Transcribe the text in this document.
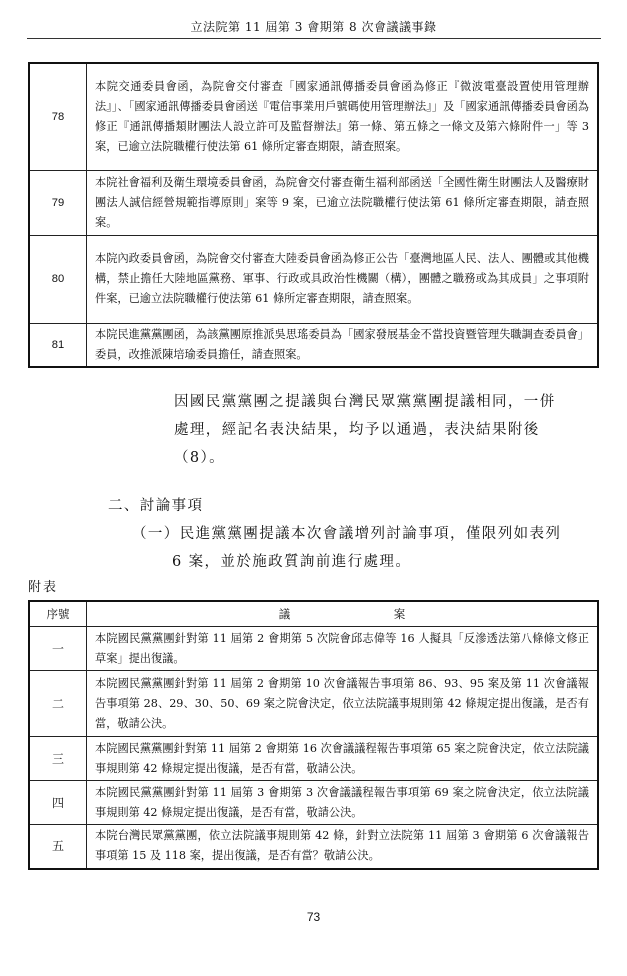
立法院第 11 屆第 3 會期第 8 次會議議事錄
78	本院交通委員會函，為院會交付審查「國家通訊傳播委員會函為修正『微波電臺設置使用管理辦法』」、「國家通訊傳播委員會函送『電信事業用戶號碼使用管理辦法』」及「國家通訊傳播委員會函為修正『通訊傳播類財團法人設立許可及監督辦法』第一條、第五條之一條文及第六條附件一」等 3 案，已逾立法院職權行使法第 61 條所定審查期限，請查照案。
79	本院社會福利及衛生環境委員會函，為院會交付審查衛生福利部函送「全國性衛生財團法人及醫療財團法人誠信經營規範指導原則」案等 9 案，已逾立法院職權行使法第 61 條所定審查期限，請查照案。
80	本院內政委員會函，為院會交付審查大陸委員會函為修正公告「臺灣地區人民、法人、團體或其他機構，禁止擔任大陸地區黨務、軍事、行政或具政治性機關（構），團體之職務或為其成員」之事項附件案，已逾立法院職權行使法第 61 條所定審查期限，請查照案。
81	本院民進黨黨團函，為該黨團原推派吳思瑤委員為「國家發展基金不當投資暨管理失職調查委員會」委員，改推派陳培瑜委員擔任，請查照案。
因國民黨黨團之提議與台灣民眾黨黨團提議相同，一併
處理，經記名表決結果，均予以通過，表決結果附後
（8）。
二、討論事項
（一）民進黨黨團提議本次會議增列討論事項，僅限列如表列
6 案，並於施政質詢前進行處理。
附表
序號	議　　　　　　　　　案
一	本院國民黨黨團針對第 11 屆第 2 會期第 5 次院會邱志偉等 16 人擬具「反滲透法第八條條文修正草案」提出復議。
二	本院國民黨黨團針對第 11 屆第 2 會期第 10 次會議報告事項第 86、93、95 案及第 11 次會議報告事項第 28、29、30、50、69 案之院會決定，依立法院議事規則第 42 條規定提出復議，是否有當，敬請公決。
三	本院國民黨黨團針對第 11 屆第 2 會期第 16 次會議議程報告事項第 65 案之院會決定，依立法院議事規則第 42 條規定提出復議，是否有當，敬請公決。
四	本院國民黨黨團針對第 11 屆第 3 會期第 3 次會議議程報告事項第 69 案之院會決定，依立法院議事規則第 42 條規定提出復議，是否有當，敬請公決。
五	本院台灣民眾黨黨團，依立法院議事規則第 42 條，針對立法院第 11 屆第 3 會期第 6 次會議報告事項第 15 及 118 案，提出復議，是否有當？敬請公決。
73
